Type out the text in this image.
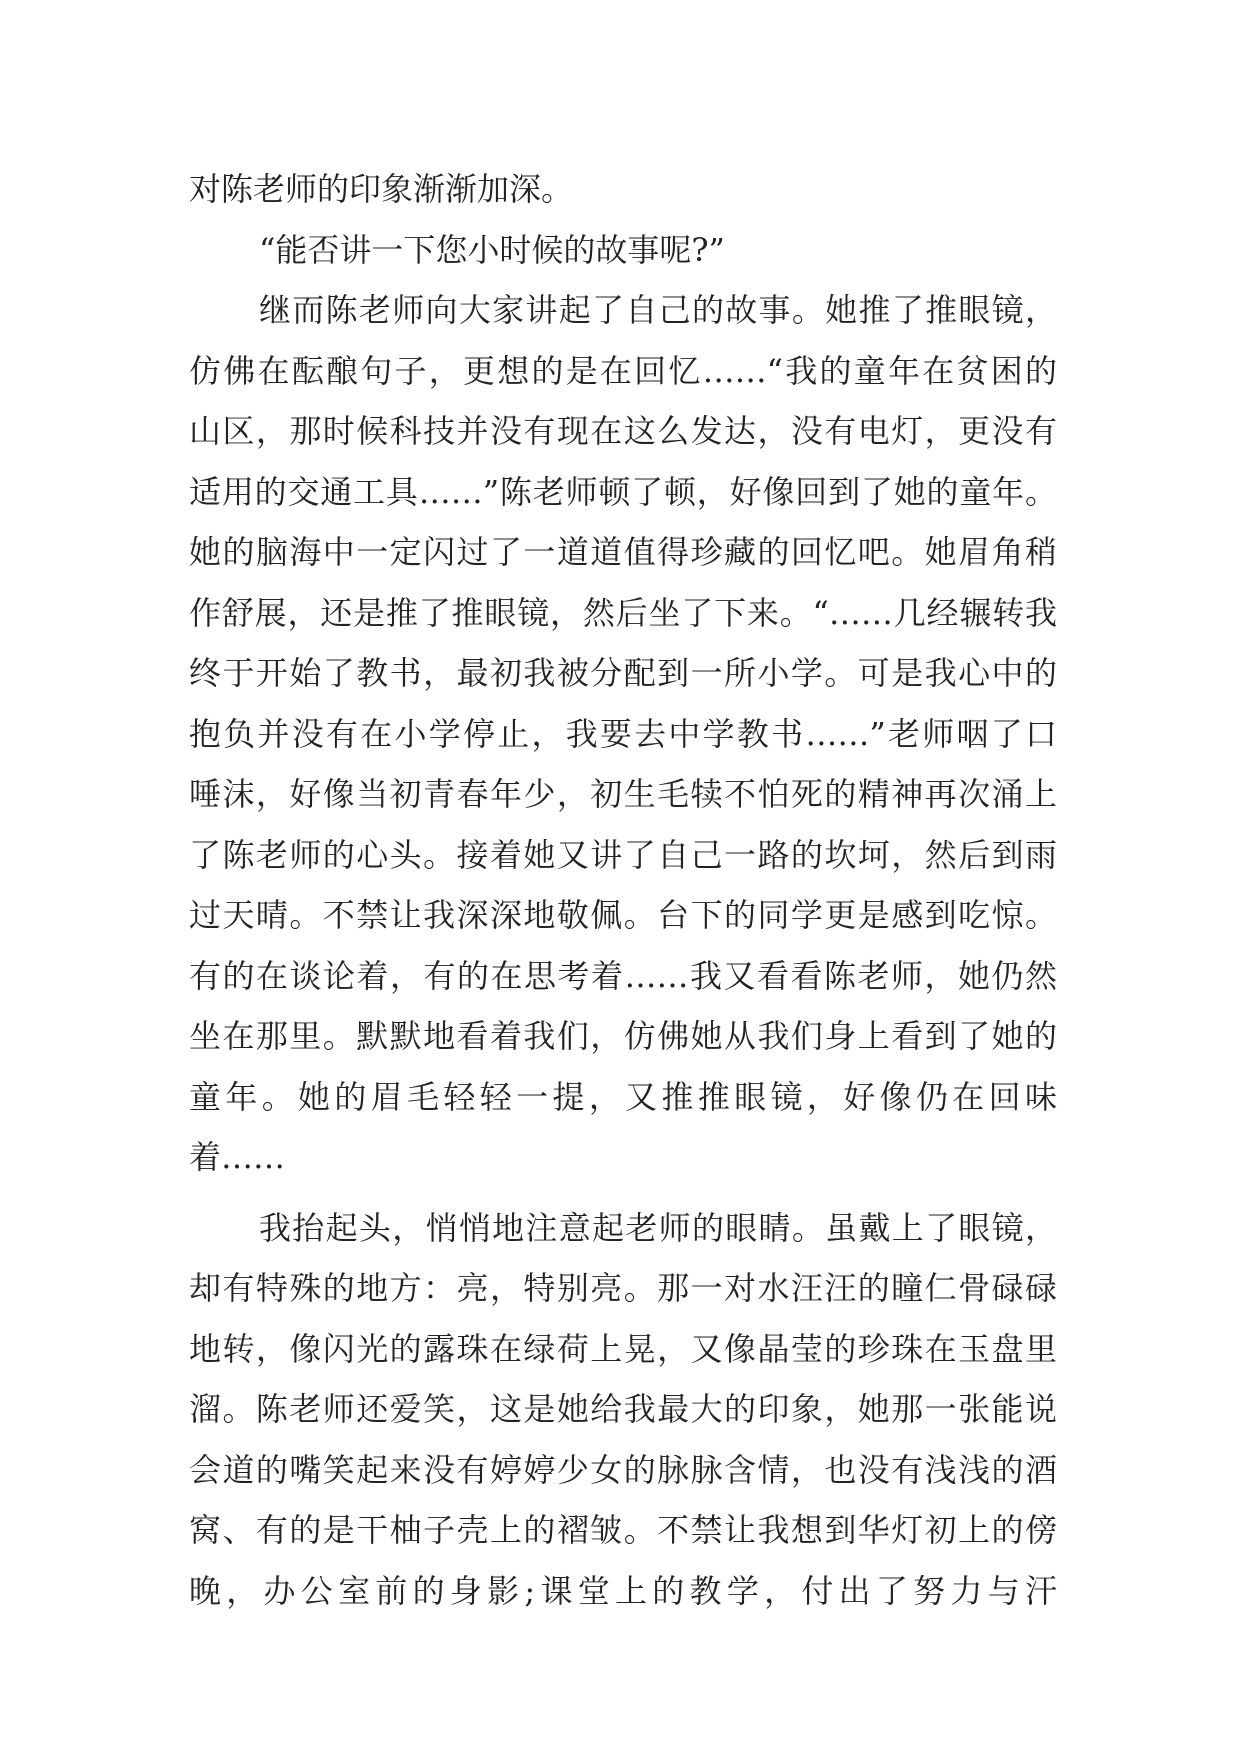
对陈老师的印象渐渐加深。
“能否讲一下您小时候的故事呢?”
继而陈老师向大家讲起了自己的故事。她推了推眼镜，
仿佛在酝酿句子，更想的是在回忆……“我的童年在贫困的
山区，那时候科技并没有现在这么发达，没有电灯，更没有
适用的交通工具……”陈老师顿了顿，好像回到了她的童年。
她的脑海中一定闪过了一道道值得珍藏的回忆吧。她眉角稍
作舒展，还是推了推眼镜，然后坐了下来。“……几经辗转我
终于开始了教书，最初我被分配到一所小学。可是我心中的
抱负并没有在小学停止，我要去中学教书……”老师咽了口
唾沫，好像当初青春年少，初生毛犊不怕死的精神再次涌上
了陈老师的心头。接着她又讲了自己一路的坎坷，然后到雨
过天晴。不禁让我深深地敬佩。台下的同学更是感到吃惊。
有的在谈论着，有的在思考着……我又看看陈老师，她仍然
坐在那里。默默地看着我们，仿佛她从我们身上看到了她的
童年。她的眉毛轻轻一提，又推推眼镜，好像仍在回味
着……
我抬起头，悄悄地注意起老师的眼睛。虽戴上了眼镜，
却有特殊的地方：亮，特别亮。那一对水汪汪的瞳仁骨碌碌
地转，像闪光的露珠在绿荷上晃，又像晶莹的珍珠在玉盘里
溜。陈老师还爱笑，这是她给我最大的印象，她那一张能说
会道的嘴笑起来没有婷婷少女的脉脉含情，也没有浅浅的酒
窝、有的是干柚子壳上的褶皱。不禁让我想到华灯初上的傍
晚，办公室前的身影;课堂上的教学，付出了努力与汗
